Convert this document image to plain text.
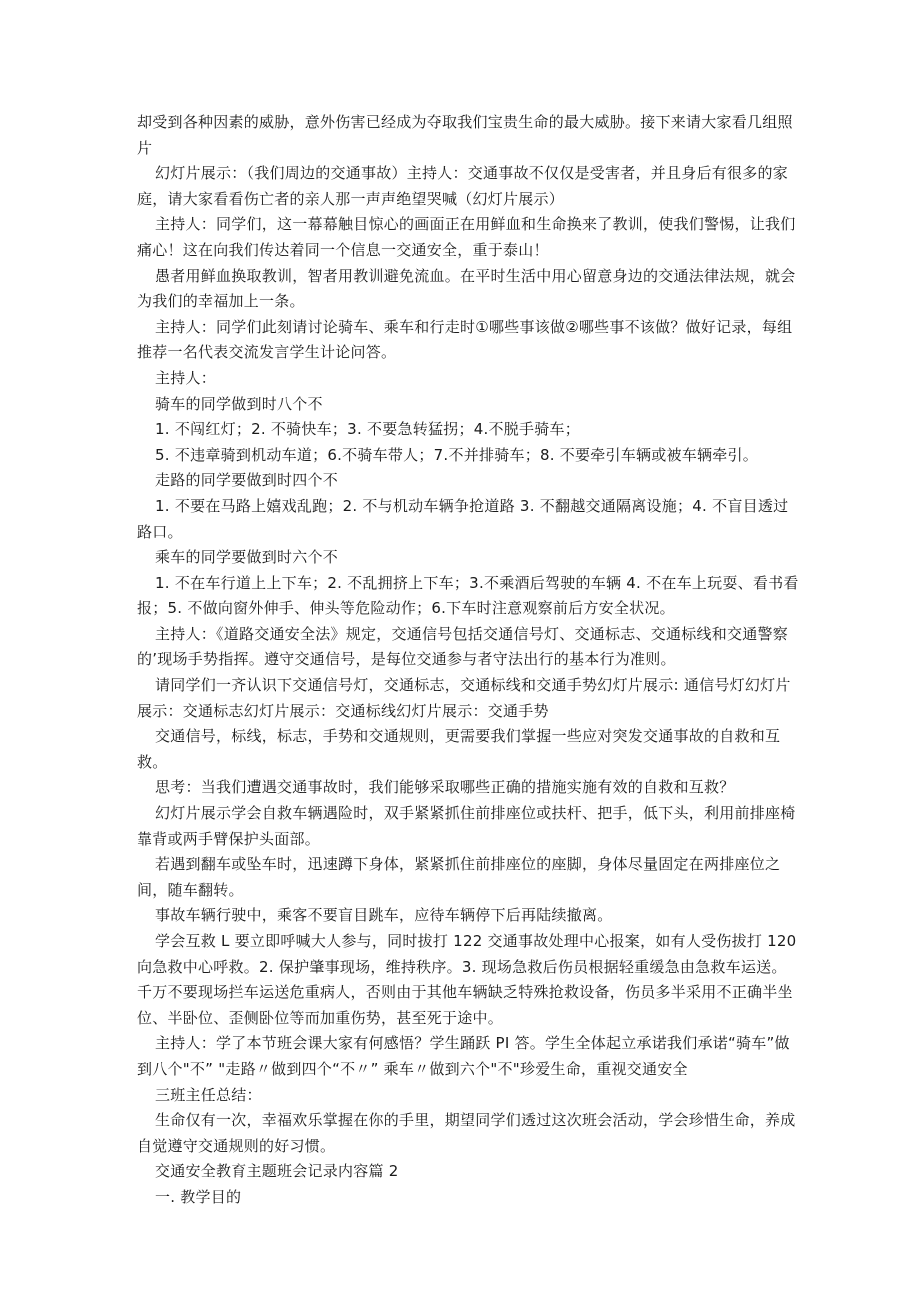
却受到各种因素的威胁，意外伤害已经成为夺取我们宝贵生命的最大威胁。接下来请大家看几组照片

幻灯片展示：（我们周边的交通事故）主持人：交通事故不仅仅是受害者，并且身后有很多的家庭，请大家看看伤亡者的亲人那一声声绝望哭喊（幻灯片展示）

主持人：同学们，这一幕幕触目惊心的画面正在用鲜血和生命换来了教训，使我们警惕，让我们痛心！这在向我们传达着同一个信息一交通安全，重于泰山！

愚者用鲜血换取教训，智者用教训避免流血。在平时生活中用心留意身边的交通法律法规，就会为我们的幸福加上一条。

主持人：同学们此刻请讨论骑车、乘车和行走时①哪些事该做②哪些事不该做？做好记录，每组推荐一名代表交流发言学生计论问答。

主持人：

骑车的同学做到时八个不

1. 不闯红灯；2. 不骑快车；3. 不要急转猛拐；4.不脱手骑车；

5. 不违章骑到机动车道；6.不骑车带人；7.不并排骑车；8. 不要牵引车辆或被车辆牵引。

走路的同学要做到时四个不

1. 不要在马路上嬉戏乱跑；2. 不与机动车辆争抢道路 3. 不翻越交通隔离设施；4. 不盲目透过路口。

乘车的同学要做到时六个不

1. 不在车行道上上下车；2. 不乱拥挤上下车；3.不乘酒后驾驶的车辆 4. 不在车上玩耍、看书看报；5. 不做向窗外伸手、伸头等危险动作；6.下车时注意观察前后方安全状况。

主持人：《道路交通安全法》规定，交通信号包括交通信号灯、交通标志、交通标线和交通警察的’现场手势指挥。遵守交通信号，是每位交通参与者守法出行的基本行为准则。

请同学们一齐认识下交通信号灯，交通标志，交通标线和交通手势幻灯片展示: 通信号灯幻灯片展示：交通标志幻灯片展示：交通标线幻灯片展示：交通手势

交通信号，标线，标志，手势和交通规则，更需要我们掌握一些应对突发交通事故的自救和互救。

思考：当我们遭遇交通事故时，我们能够采取哪些正确的措施实施有效的自救和互救？

幻灯片展示学会自救车辆遇险时，双手紧紧抓住前排座位或扶杆、把手，低下头，利用前排座椅靠背或两手臂保护头面部。

若遇到翻车或坠车时，迅速蹲下身体，紧紧抓住前排座位的座脚，身体尽量固定在两排座位之间，随车翻转。

事故车辆行驶中，乘客不要盲目跳车，应待车辆停下后再陆续撤离。

学会互救 L 要立即呼喊大人参与，同时拔打 122 交通事故处理中心报案，如有人受伤拔打 120 向急救中心呼救。2. 保护肇事现场，维持秩序。3. 现场急救后伤员根据轻重缓急由急救车运送。千万不要现场拦车运送危重病人，否则由于其他车辆缺乏特殊抢救设备，伤员多半采用不正确半坐位、半卧位、歪侧卧位等而加重伤势，甚至死于途中。

主持人：学了本节班会课大家有何感悟？学生踊跃 PI 答。学生全体起立承诺我们承诺“骑车”做到八个"不” "走路〃做到四个“不〃” 乘车〃做到六个"不"珍爱生命，重视交通安全

三班主任总结：

生命仅有一次，幸福欢乐掌握在你的手里，期望同学们透过这次班会活动，学会珍惜生命，养成自觉遵守交通规则的好习惯。

交通安全教育主题班会记录内容篇 2

一. 教学目的
